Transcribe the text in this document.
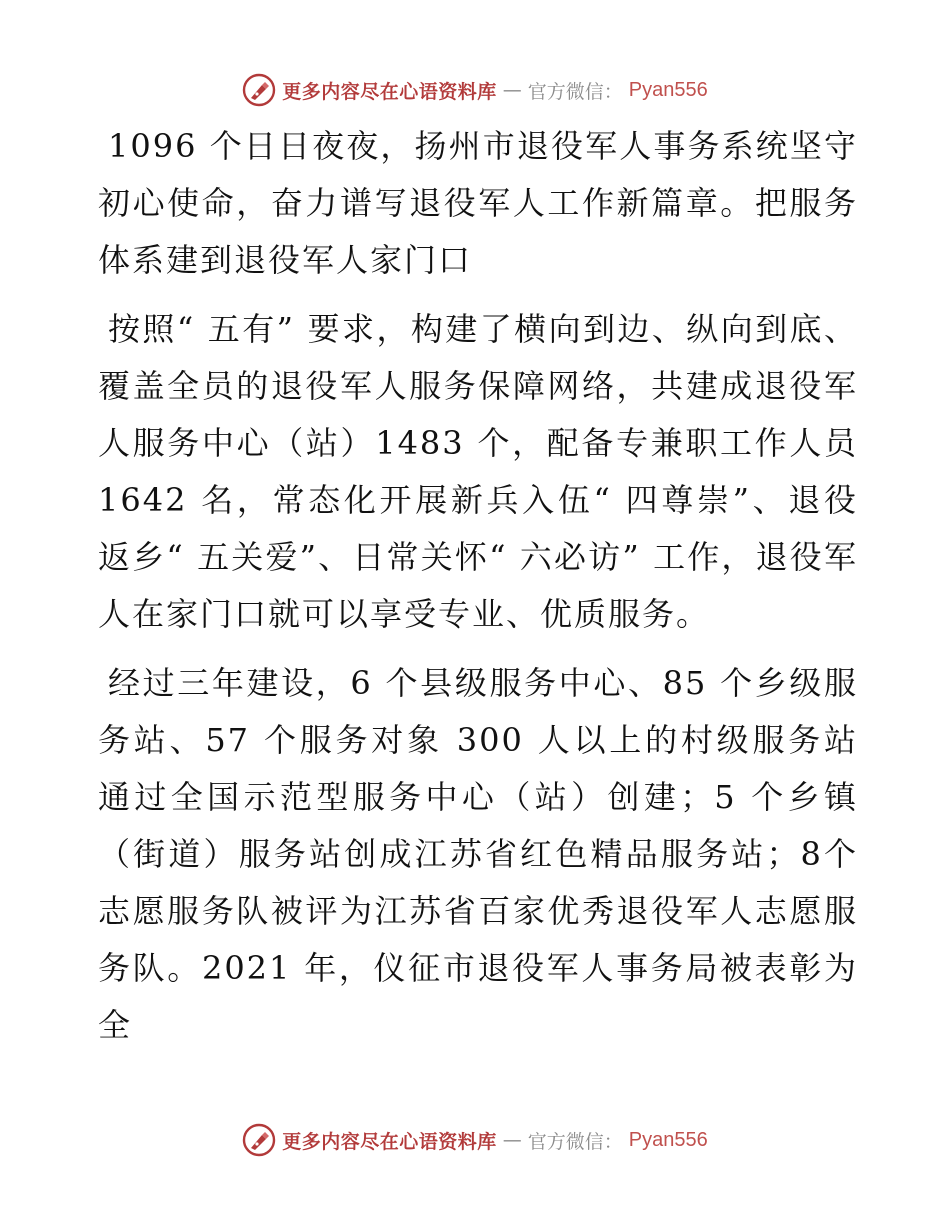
更多内容尽在心语资料库 — 官方微信： Pyan556

1096 个日日夜夜，扬州市退役军人事务系统坚守初心使命，奋力谱写退役军人工作新篇章。把服务体系建到退役军人家门口

按照“ 五有” 要求，构建了横向到边、纵向到底、覆盖全员的退役军人服务保障网络，共建成退役军人服务中心（站）1483 个，配备专兼职工作人员 1642 名，常态化开展新兵入伍“ 四尊崇”、退役返乡“ 五关爱”、日常关怀“ 六必访” 工作，退役军人在家门口就可以享受专业、优质服务。

经过三年建设，6 个县级服务中心、85 个乡级服务站、57 个服务对象 300 人以上的村级服务站通过全国示范型服务中心（站）创建；5 个乡镇（街道）服务站创成江苏省红色精品服务站；8个志愿服务队被评为江苏省百家优秀退役军人志愿服务队。2021 年，仪征市退役军人事务局被表彰为全

更多内容尽在心语资料库 — 官方微信： Pyan556
